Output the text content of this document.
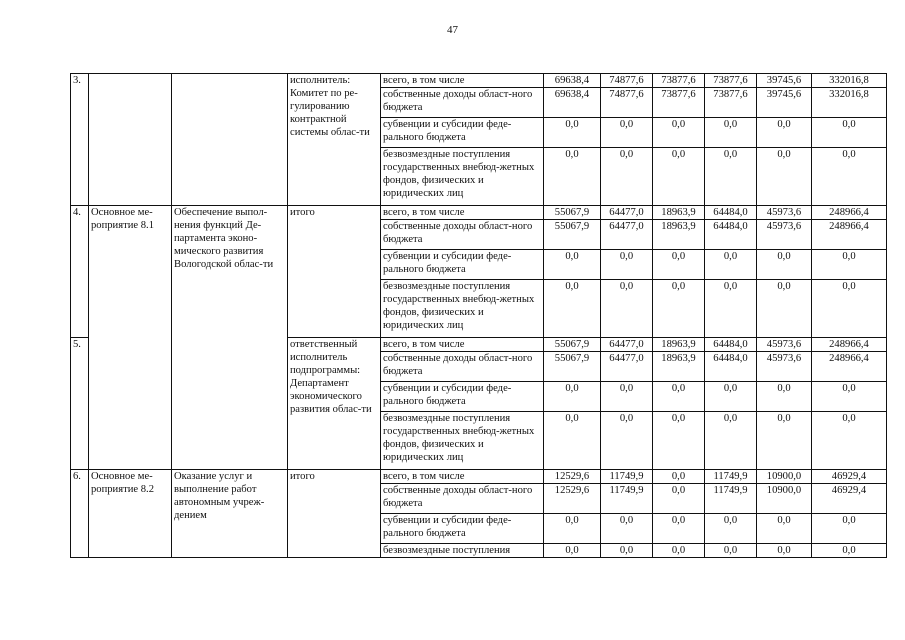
47
3.			исполнитель: Комитет по ре-гулированию контрактной системы облас-ти	всего, в том числе	69638,4	74877,6	73877,6	73877,6	39745,6	332016,8
				собственные доходы област-ного бюджета	69638,4	74877,6	73877,6	73877,6	39745,6	332016,8
				субвенции и субсидии феде-рального бюджета	0,0	0,0	0,0	0,0	0,0	0,0
				безвозмездные поступления государственных внебюд-жетных фондов, физических и юридических лиц	0,0	0,0	0,0	0,0	0,0	0,0
4.	Основное ме-роприятие 8.1	Обеспечение выпол-нения функций Де-партамента эконо-мического развития Вологодской облас-ти	итого	всего, в том числе	55067,9	64477,0	18963,9	64484,0	45973,6	248966,4
				собственные доходы област-ного бюджета	55067,9	64477,0	18963,9	64484,0	45973,6	248966,4
				субвенции и субсидии феде-рального бюджета	0,0	0,0	0,0	0,0	0,0	0,0
				безвозмездные поступления государственных внебюд-жетных фондов, физических и юридических лиц	0,0	0,0	0,0	0,0	0,0	0,0
5.			ответственный исполнитель подпрограммы: Департамент экономического развития облас-ти	всего, в том числе	55067,9	64477,0	18963,9	64484,0	45973,6	248966,4
				собственные доходы област-ного бюджета	55067,9	64477,0	18963,9	64484,0	45973,6	248966,4
				субвенции и субсидии феде-рального бюджета	0,0	0,0	0,0	0,0	0,0	0,0
				безвозмездные поступления государственных внебюд-жетных фондов, физических и юридических лиц	0,0	0,0	0,0	0,0	0,0	0,0
6.	Основное ме-роприятие 8.2	Оказание услуг и выполнение работ автономным учреж-дением	итого	всего, в том числе	12529,6	11749,9	0,0	11749,9	10900,0	46929,4
				собственные доходы област-ного бюджета	12529,6	11749,9	0,0	11749,9	10900,0	46929,4
				субвенции и субсидии феде-рального бюджета	0,0	0,0	0,0	0,0	0,0	0,0
				безвозмездные поступления	0,0	0,0	0,0	0,0	0,0	0,0
